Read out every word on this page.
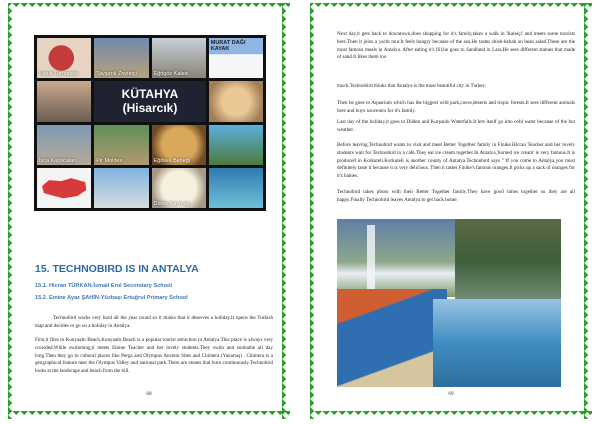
Kaşık Tarhanası	Tavşanlı Zeytinçi	Eğrigöz Kalesi
MURAT DAĞI KAYAK
KÜTAHYA (Hisarcık)
Ilıca Kaplıcaları	Pir Moldes	Eğiblek Bebeği
Doruk Kaymak
15. TECHNOBIRD IS IN ANTALYA

15.1. Hicran TÜRKAN-İsmail Erol Secondary School

15.2. Emine Ayaz ŞAHİN-Yüzbaşı Ertuğrul Primary School

Technobird works very hard all the year round so it thinks that it deserves a holiday.It opens the Turkish map and decides to go on a holiday in Antalya.

First,it flies to Konyaaltı Beach.Konyaaltı Beach is a popular tourist attraction in Antalya.This place is always very crowded.While swimming,it meets Emine Teacher and her lovely students.They swim and sunbathe all day long.Then they go to cultural places like Perga and Olympus Ancient Sites and Chimera (Yanartaş) . Chimera is a geographical feature near the Olympus Valley and national park.There are stones that burn continuously.Technobird looks at the landscape and beach from the hill.

68

Next day,it gets back to downtown,does shopping for it's family,takes a walk in 'Kaleiçi' and meets some tourists here.Then it joins a yacht tour.It feels hungry because of the sea.He tastes shish-kebab on bean salad.These are the most famous meals in Antalya. After eating it's fill,he goes to Sandland in Lara.He sees different statues that made of sand.It likes them too

much.Technobird thinks that Antalya is the most beautiful city in Turkey.

Then he goes to Aquarium which has the biggest wild park,caves,deserts and tropic forests.It sees different animals here and buys souvenirs for it's family.

Last day of the holiday,it goes to Düden and Kurşunlu Waterfalls.It lets itself go into cold water because of the hot weather.

Before leaving,Technobird wants to visit and meet Better Together family in Finike.Hicran Teacher and her lovely students wait for Technobird in a cafe.They eat ice cream together.In Antalya,'burned ice cream' is very famous.It is produced in Korkuteli.Korkuteli is another county of Antalya.Technobird says " If you come to Antalya,you must definitely taste it because it is very delicious. Then it tastes Finike's famous oranges.It picks up a sack of oranges for it's babies.

Technobird takes photo with their Better Together family.They have good times together so they are all happy.Finally Technobird leaves Antalya to get back home.

69
